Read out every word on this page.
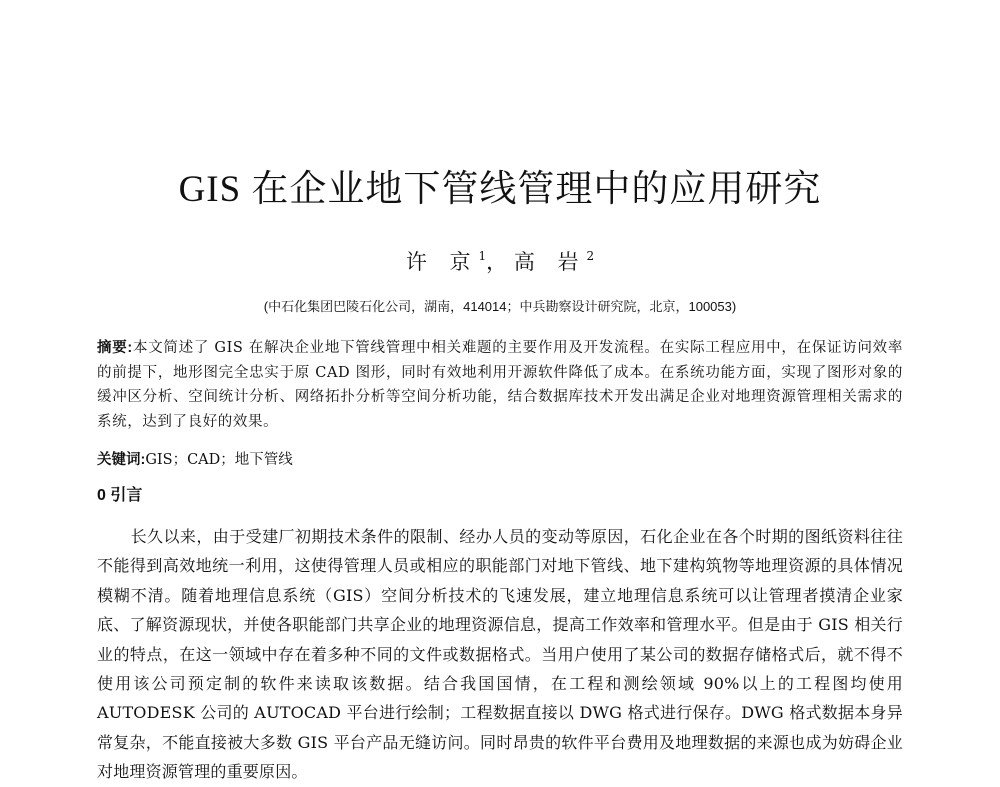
GIS 在企业地下管线管理中的应用研究
许 京$^1$， 高 岩$^2$
(中石化集团巴陵石化公司，湖南，414014；中兵勘察设计研究院，北京，100053)
摘要:本文简述了 GIS 在解决企业地下管线管理中相关难题的主要作用及开发流程。在实际工程应用中，在保证访问效率的前提下，地形图完全忠实于原 CAD 图形，同时有效地利用开源软件降低了成本。在系统功能方面，实现了图形对象的缓冲区分析、空间统计分析、网络拓扑分析等空间分析功能，结合数据库技术开发出满足企业对地理资源管理相关需求的系统，达到了良好的效果。
关键词:GIS；CAD；地下管线
0 引言
长久以来，由于受建厂初期技术条件的限制、经办人员的变动等原因，石化企业在各个时期的图纸资料往往不能得到高效地统一利用，这使得管理人员或相应的职能部门对地下管线、地下建构筑物等地理资源的具体情况模糊不清。随着地理信息系统（GIS）空间分析技术的飞速发展，建立地理信息系统可以让管理者摸清企业家底、了解资源现状，并使各职能部门共享企业的地理资源信息，提高工作效率和管理水平。但是由于 GIS 相关行业的特点，在这一领域中存在着多种不同的文件或数据格式。当用户使用了某公司的数据存储格式后，就不得不使用该公司预定制的软件来读取该数据。结合我国国情，在工程和测绘领域 90%以上的工程图均使用 AUTODESK 公司的 AUTOCAD 平台进行绘制；工程数据直接以 DWG 格式进行保存。DWG 格式数据本身异常复杂，不能直接被大多数 GIS 平台产品无缝访问。同时昂贵的软件平台费用及地理数据的来源也成为妨碍企业对地理资源管理的重要原因。
